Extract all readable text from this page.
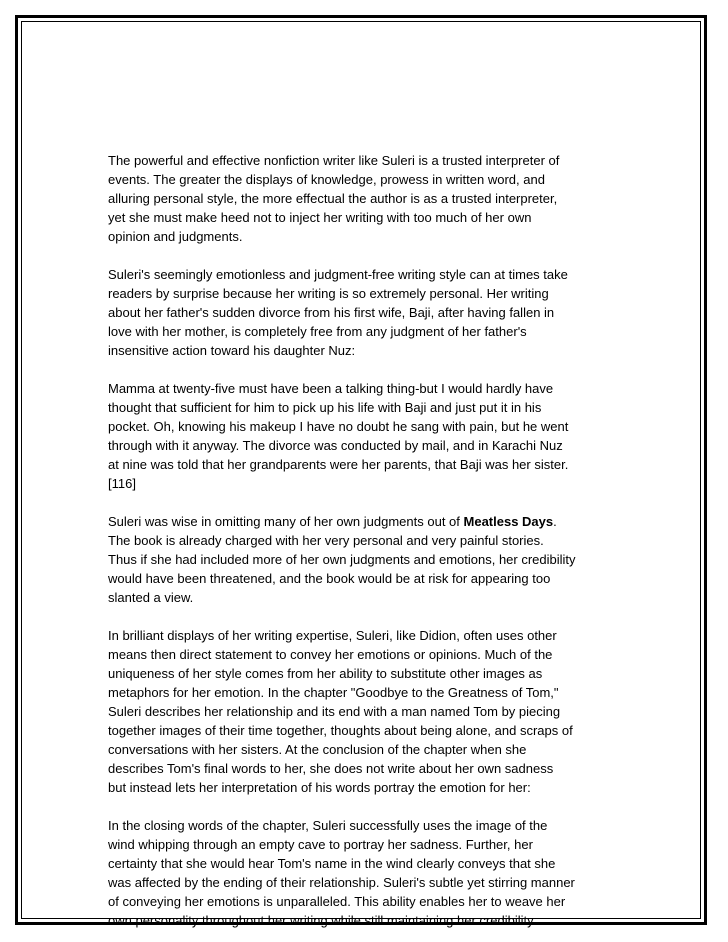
The powerful and effective nonfiction writer like Suleri is a trusted interpreter of
events. The greater the displays of knowledge, prowess in written word, and
alluring personal style, the more effectual the author is as a trusted interpreter,
yet she must make heed not to inject her writing with too much of her own
opinion and judgments.

Suleri's seemingly emotionless and judgment-free writing style can at times take
readers by surprise because her writing is so extremely personal. Her writing
about her father's sudden divorce from his first wife, Baji, after having fallen in
love with her mother, is completely free from any judgment of her father's
insensitive action toward his daughter Nuz:

Mamma at twenty-five must have been a talking thing-but I would hardly have
thought that sufficient for him to pick up his life with Baji and just put it in his
pocket. Oh, knowing his makeup I have no doubt he sang with pain, but he went
through with it anyway. The divorce was conducted by mail, and in Karachi Nuz
at nine was told that her grandparents were her parents, that Baji was her sister.
[116]

Suleri was wise in omitting many of her own judgments out of Meatless Days.
The book is already charged with her very personal and very painful stories.
Thus if she had included more of her own judgments and emotions, her credibility
would have been threatened, and the book would be at risk for appearing too
slanted a view.

In brilliant displays of her writing expertise, Suleri, like Didion, often uses other
means then direct statement to convey her emotions or opinions. Much of the
uniqueness of her style comes from her ability to substitute other images as
metaphors for her emotion. In the chapter "Goodbye to the Greatness of Tom,"
Suleri describes her relationship and its end with a man named Tom by piecing
together images of their time together, thoughts about being alone, and scraps of
conversations with her sisters. At the conclusion of the chapter when she
describes Tom's final words to her, she does not write about her own sadness
but instead lets her interpretation of his words portray the emotion for her:

In the closing words of the chapter, Suleri successfully uses the image of the
wind whipping through an empty cave to portray her sadness. Further, her
certainty that she would hear Tom's name in the wind clearly conveys that she
was affected by the ending of their relationship. Suleri's subtle yet stirring manner
of conveying her emotions is unparalleled. This ability enables her to weave her
own personality throughout her writing while still maintaining her credibility.
